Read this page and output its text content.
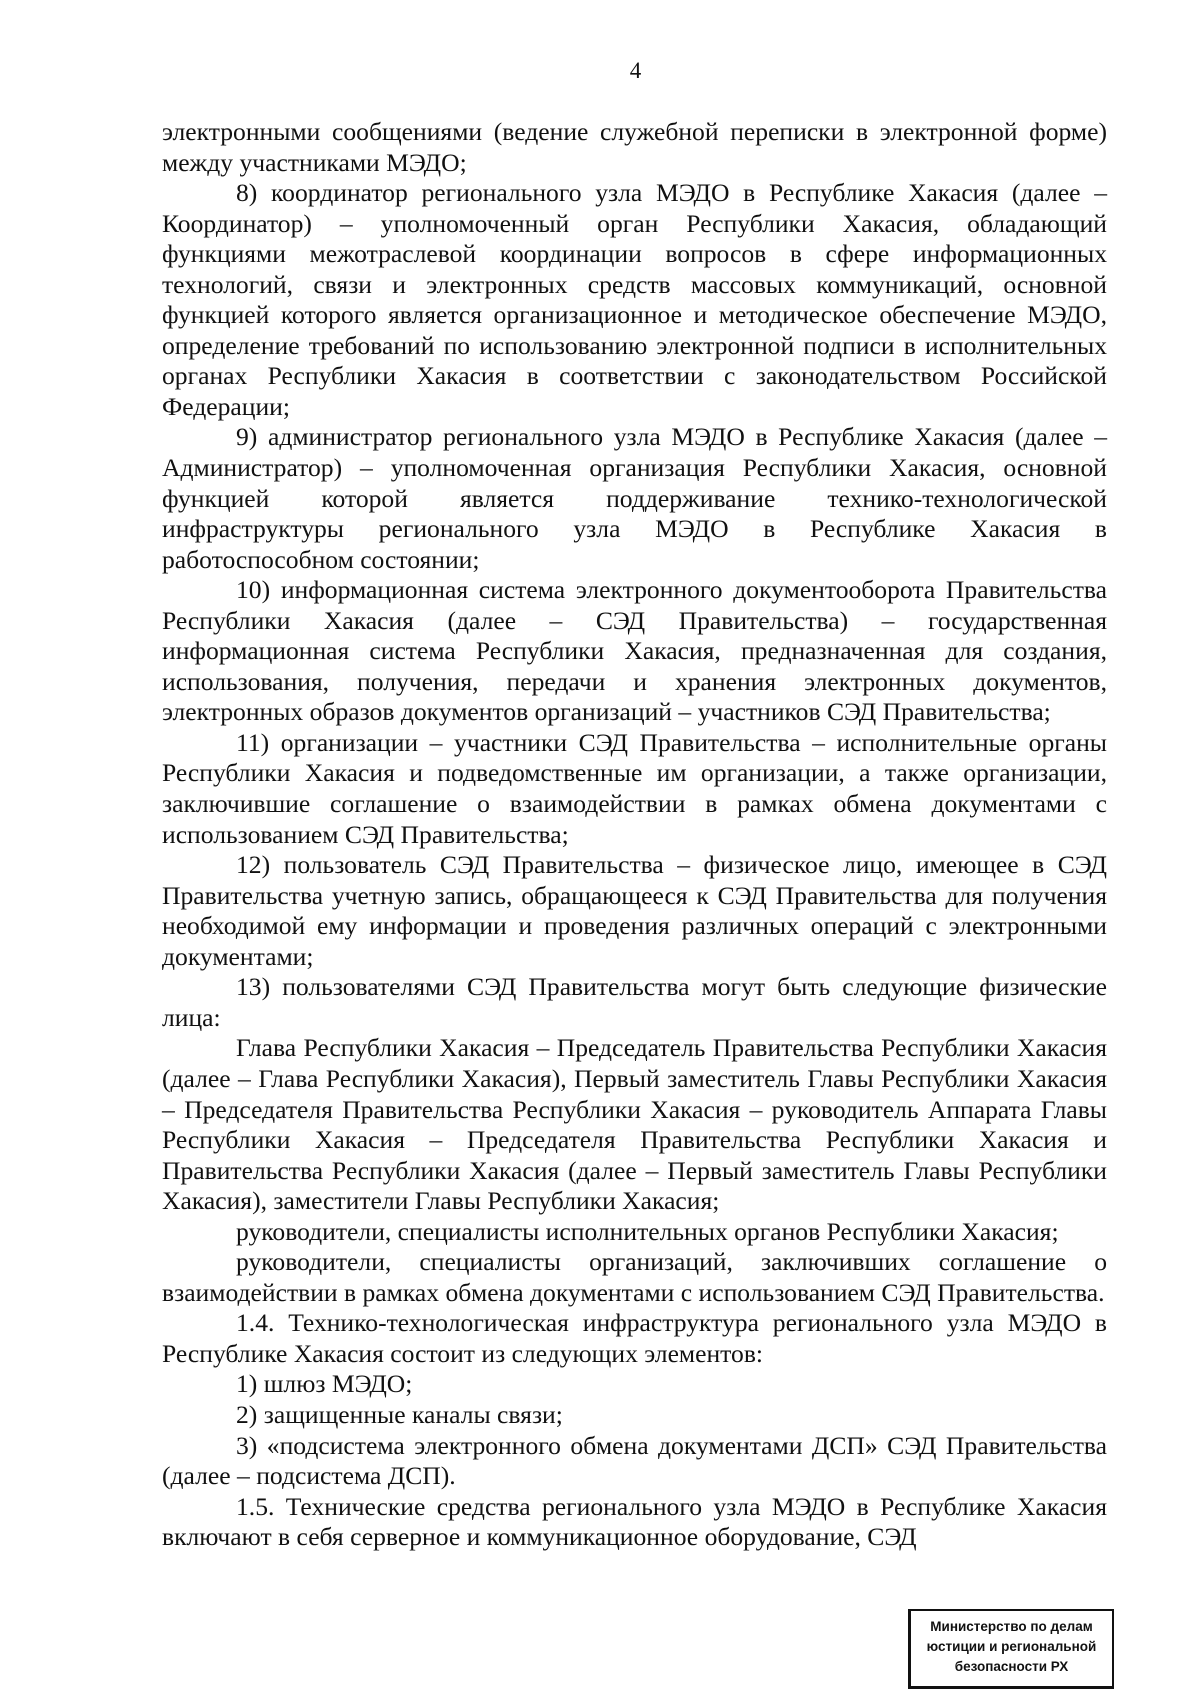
4

электронными сообщениями (ведение служебной переписки в электронной форме) между участниками МЭДО;

8) координатор регионального узла МЭДО в Республике Хакасия (далее – Координатор) – уполномоченный орган Республики Хакасия, обладающий функциями межотраслевой координации вопросов в сфере информационных технологий, связи и электронных средств массовых коммуникаций, основной функцией которого является организационное и методическое обеспечение МЭДО, определение требований по использованию электронной подписи в исполнительных органах Республики Хакасия в соответствии с законодательством Российской Федерации;

9) администратор регионального узла МЭДО в Республике Хакасия (далее – Администратор) – уполномоченная организация Республики Хакасия, основной функцией которой является поддерживание технико-технологической инфраструктуры регионального узла МЭДО в Республике Хакасия в работоспособном состоянии;

10) информационная система электронного документооборота Правительства Республики Хакасия (далее – СЭД Правительства) – государственная информационная система Республики Хакасия, предназначенная для создания, использования, получения, передачи и хранения электронных документов, электронных образов документов организаций – участников СЭД Правительства;

11) организации – участники СЭД Правительства – исполнительные органы Республики Хакасия и подведомственные им организации, а также организации, заключившие соглашение о взаимодействии в рамках обмена документами с использованием СЭД Правительства;

12) пользователь СЭД Правительства – физическое лицо, имеющее в СЭД Правительства учетную запись, обращающееся к СЭД Правительства для получения необходимой ему информации и проведения различных операций с электронными документами;

13) пользователями СЭД Правительства могут быть следующие физические лица:

Глава Республики Хакасия – Председатель Правительства Республики Хакасия (далее – Глава Республики Хакасия), Первый заместитель Главы Республики Хакасия – Председателя Правительства Республики Хакасия – руководитель Аппарата Главы Республики Хакасия – Председателя Правительства Республики Хакасия и Правительства Республики Хакасия (далее – Первый заместитель Главы Республики Хакасия), заместители Главы Республики Хакасия;

руководители, специалисты исполнительных органов Республики Хакасия;

руководители, специалисты организаций, заключивших соглашение о взаимодействии в рамках обмена документами с использованием СЭД Правительства.

1.4. Технико-технологическая инфраструктура регионального узла МЭДО в Республике Хакасия состоит из следующих элементов:

1) шлюз МЭДО;

2) защищенные каналы связи;

3) «подсистема электронного обмена документами ДСП» СЭД Правительства (далее – подсистема ДСП).

1.5. Технические средства регионального узла МЭДО в Республике Хакасия включают в себя серверное и коммуникационное оборудование, СЭД

Министерство по делам
юстиции и региональной
безопасности РХ
